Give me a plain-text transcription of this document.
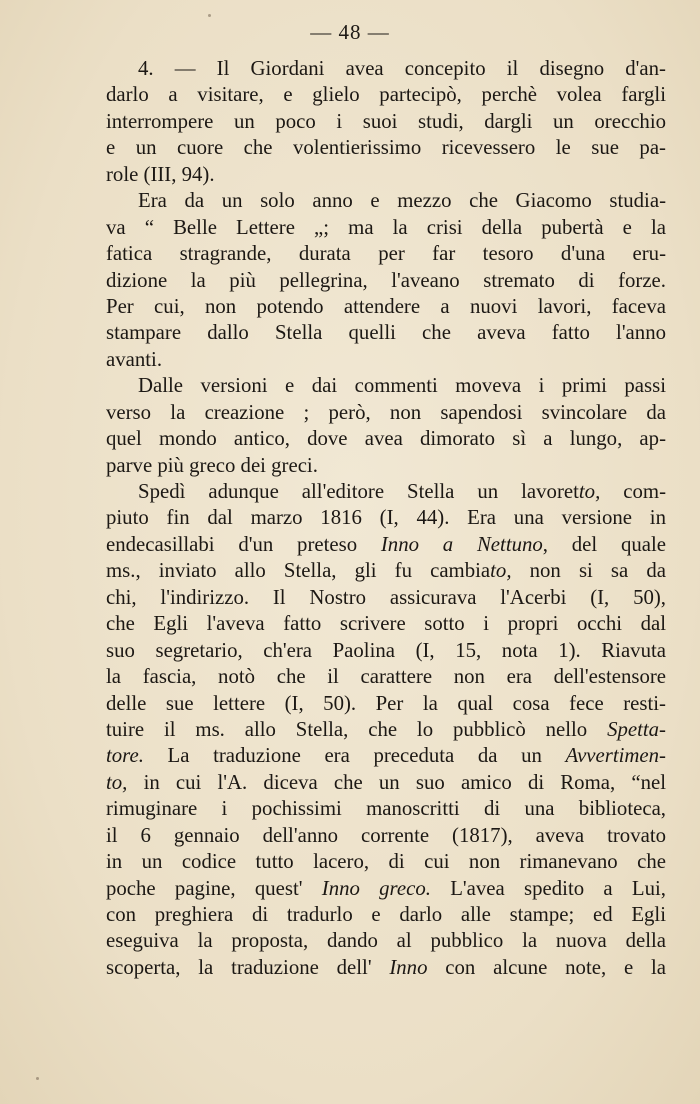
— 48 —
4. — Il Giordani avea concepito il disegno d'an-
darlo a visitare, e glielo partecipò, perchè volea fargli
interrompere un poco i suoi studi, dargli un orecchio
e un cuore che volentierissimo ricevessero le sue pa-
role (III, 94).
Era da un solo anno e mezzo che Giacomo studia-
va “ Belle Lettere „; ma la crisi della pubertà e la
fatica stragrande, durata per far tesoro d'una eru-
dizione la più pellegrina, l'aveano stremato di forze.
Per cui, non potendo attendere a nuovi lavori, faceva
stampare dallo Stella quelli che aveva fatto l'anno
avanti.
Dalle versioni e dai commenti moveva i primi passi
verso la creazione ; però, non sapendosi svincolare da
quel mondo antico, dove avea dimorato sì a lungo, ap-
parve più greco dei greci.
Spedì adunque all'editore Stella un lavoretto, com-
piuto fin dal marzo 1816 (I, 44). Era una versione in
endecasillabi d'un preteso Inno a Nettuno, del quale
ms., inviato allo Stella, gli fu cambiato, non si sa da
chi, l'indirizzo. Il Nostro assicurava l'Acerbi (I, 50),
che Egli l'aveva fatto scrivere sotto i propri occhi dal
suo segretario, ch'era Paolina (I, 15, nota 1). Riavuta
la fascia, notò che il carattere non era dell'estensore
delle sue lettere (I, 50). Per la qual cosa fece resti-
tuire il ms. allo Stella, che lo pubblicò nello Spetta-
tore. La traduzione era preceduta da un Avvertimen-
to, in cui l'A. diceva che un suo amico di Roma, “nel
rimuginare i pochissimi manoscritti di una biblioteca,
il 6 gennaio dell'anno corrente (1817), aveva trovato
in un codice tutto lacero, di cui non rimanevano che
poche pagine, quest' Inno greco. L'avea spedito a Lui,
con preghiera di tradurlo e darlo alle stampe; ed Egli
eseguiva la proposta, dando al pubblico la nuova della
scoperta, la traduzione dell' Inno con alcune note, e la
